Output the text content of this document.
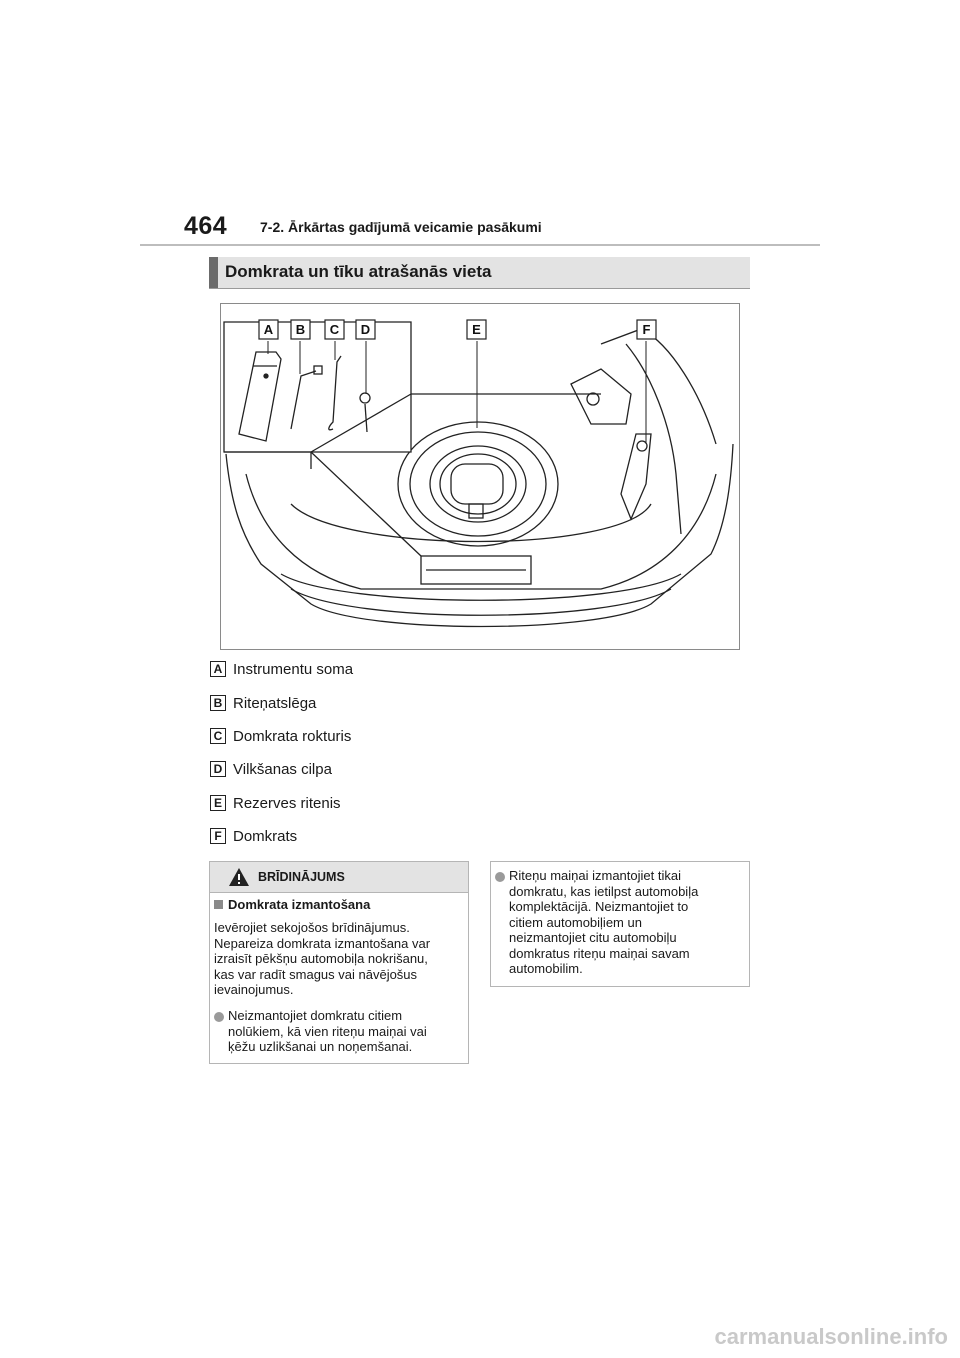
464 7-2. Ārkārtas gadījumā veicamie pasākumi
Domkrata un tīku atrašanās vieta
A B C D	E	F
A Instrumentu soma
B Riteņatslēga
C Domkrata rokturis
D Vilkšanas cilpa
E Rezerves ritenis
F Domkrats
BRĪDINĀJUMS
Domkrata izmantošana
Ievērojiet sekojošos brīdinājumus.
Nepareiza domkrata izmantošana var
izraisīt pēkšņu automobiļa nokrišanu,
kas var radīt smagus vai nāvējošus
ievainojumus.
Neizmantojiet domkratu citiem
nolūkiem, kā vien riteņu maiņai vai
ķēžu uzlikšanai un noņemšanai.
Riteņu maiņai izmantojiet tikai
domkratu, kas ietilpst automobiļa
komplektācijā. Neizmantojiet to
citiem automobiļiem un
neizmantojiet citu automobiļu
domkratus riteņu maiņai savam
automobilim.
carmanualsonline.info
